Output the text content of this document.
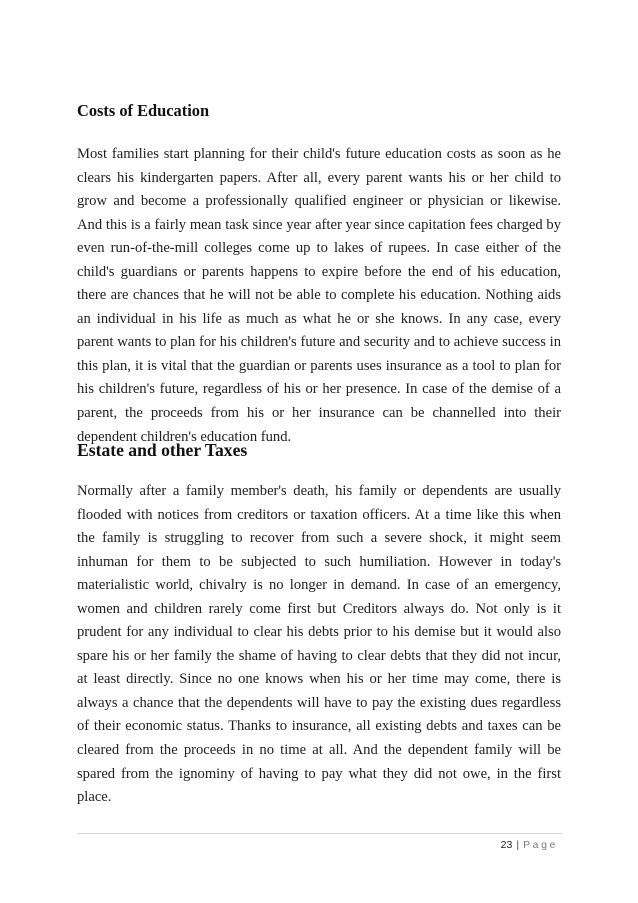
Costs of Education

Most families start planning for their child's future education costs as soon as he clears his kindergarten papers. After all, every parent wants his or her child to grow and become a professionally qualified engineer or physician or likewise. And this is a fairly mean task since year after year since capitation fees charged by even run-of-the-mill colleges come up to lakes of rupees. In case either of the child's guardians or parents happens to expire before the end of his education, there are chances that he will not be able to complete his education. Nothing aids an individual in his life as much as what he or she knows. In any case, every parent wants to plan for his children's future and security and to achieve success in this plan, it is vital that the guardian or parents uses insurance as a tool to plan for his children's future, regardless of his or her presence. In case of the demise of a parent, the proceeds from his or her insurance can be channelled into their dependent children's education fund.

Estate and other Taxes

Normally after a family member's death, his family or dependents are usually flooded with notices from creditors or taxation officers. At a time like this when the family is struggling to recover from such a severe shock, it might seem inhuman for them to be subjected to such humiliation. However in today's materialistic world, chivalry is no longer in demand. In case of an emergency, women and children rarely come first but Creditors always do. Not only is it prudent for any individual to clear his debts prior to his demise but it would also spare his or her family the shame of having to clear debts that they did not incur, at least directly. Since no one knows when his or her time may come, there is always a chance that the dependents will have to pay the existing dues regardless of their economic status. Thanks to insurance, all existing debts and taxes can be cleared from the proceeds in no time at all. And the dependent family will be spared from the ignominy of having to pay what they did not owe, in the first place.

23 | Page
